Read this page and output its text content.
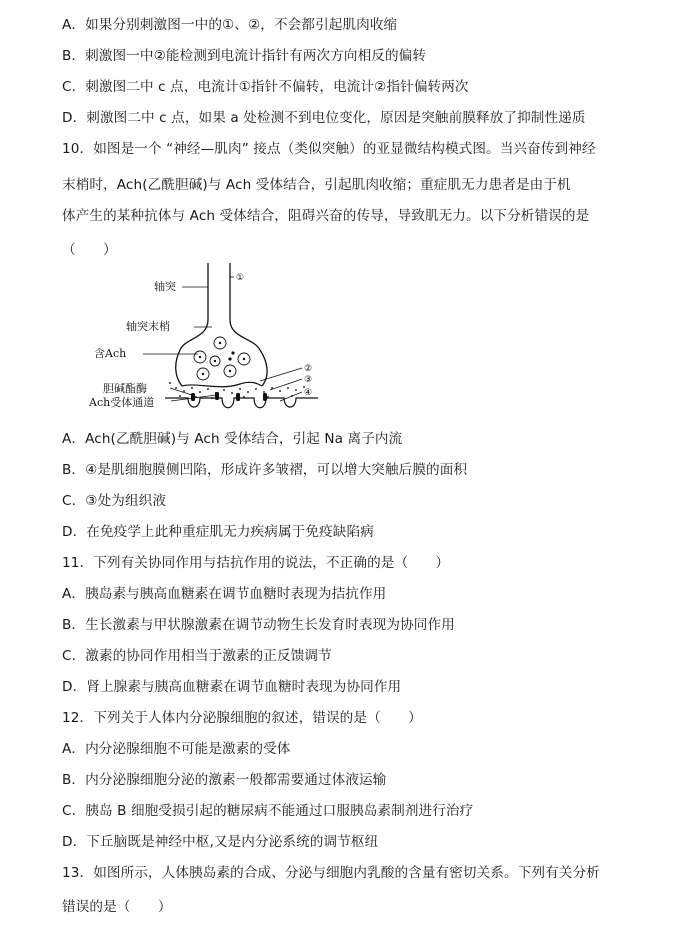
A．如果分别刺激图一中的①、②，不会都引起肌肉收缩
B．刺激图一中②能检测到电流计指针有两次方向相反的偏转
C．刺激图二中 c 点，电流计①指针不偏转，电流计②指针偏转两次
D．刺激图二中 c 点，如果 a 处检测不到电位变化，原因是突触前膜释放了抑制性递质
10．如图是一个 “神经—肌肉” 接点（类似突触）的亚显微结构模式图。当兴奋传到神经
末梢时，Ach(乙酰胆碱)与 Ach 受体结合，引起肌肉收缩；重症肌无力患者是由于机
体产生的某种抗体与 Ach 受体结合，阻碍兴奋的传导，导致肌无力。以下分析错误的是
（　　）
轴突
轴突末梢
含Ach
胆碱酯酶
Ach受体通道
①
②
③
④
A．Ach(乙酰胆碱)与 Ach 受体结合，引起 Na 离子内流
B．④是肌细胞膜侧凹陷，形成许多皱褶，可以增大突触后膜的面积
C．③处为组织液
D．在免疫学上此种重症肌无力疾病属于免疫缺陷病
11．下列有关协同作用与拮抗作用的说法，不正确的是（　　）
A．胰岛素与胰高血糖素在调节血糖时表现为拮抗作用
B．生长激素与甲状腺激素在调节动物生长发育时表现为协同作用
C．激素的协同作用相当于激素的正反馈调节
D．肾上腺素与胰高血糖素在调节血糖时表现为协同作用
12．下列关于人体内分泌腺细胞的叙述，错误的是（　　）
A．内分泌腺细胞不可能是激素的受体
B．内分泌腺细胞分泌的激素一般都需要通过体液运输
C．胰岛 B 细胞受损引起的糖尿病不能通过口服胰岛素制剂进行治疗
D．下丘脑既是神经中枢,又是内分泌系统的调节枢纽
13．如图所示，人体胰岛素的合成、分泌与细胞内乳酸的含量有密切关系。下列有关分析
错误的是（　　）
